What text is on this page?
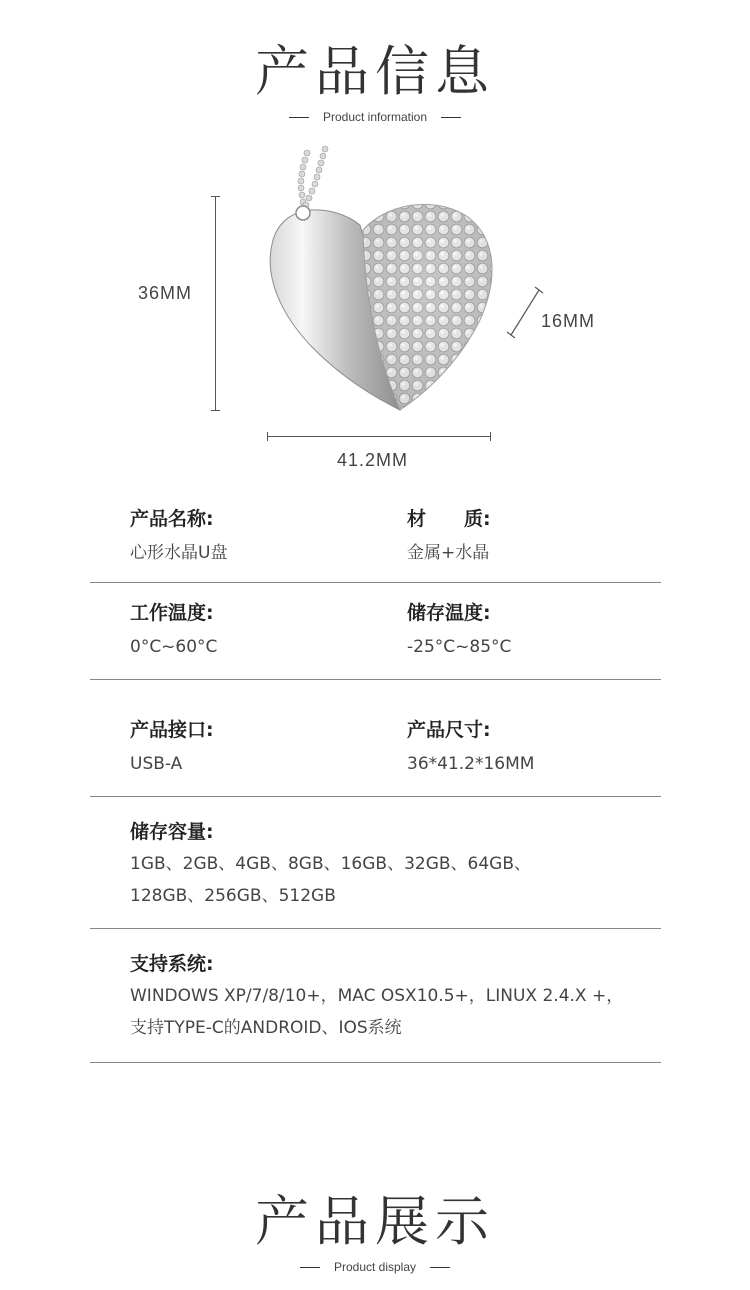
产品信息
Product information
36MM
41.2MM
16MM
产品名称:
心形水晶U盘
材　　质:
金属+水晶
工作温度:
0°C~60°C
储存温度:
-25°C~85°C
产品接口:
USB-A
产品尺寸:
36*41.2*16MM
储存容量:
1GB、2GB、4GB、8GB、16GB、32GB、64GB、
128GB、256GB、512GB
支持系统:
WINDOWS XP/7/8/10+，MAC OSX10.5+，LINUX 2.4.X +，
支持TYPE-C的ANDROID、IOS系统
产品展示
Product display
